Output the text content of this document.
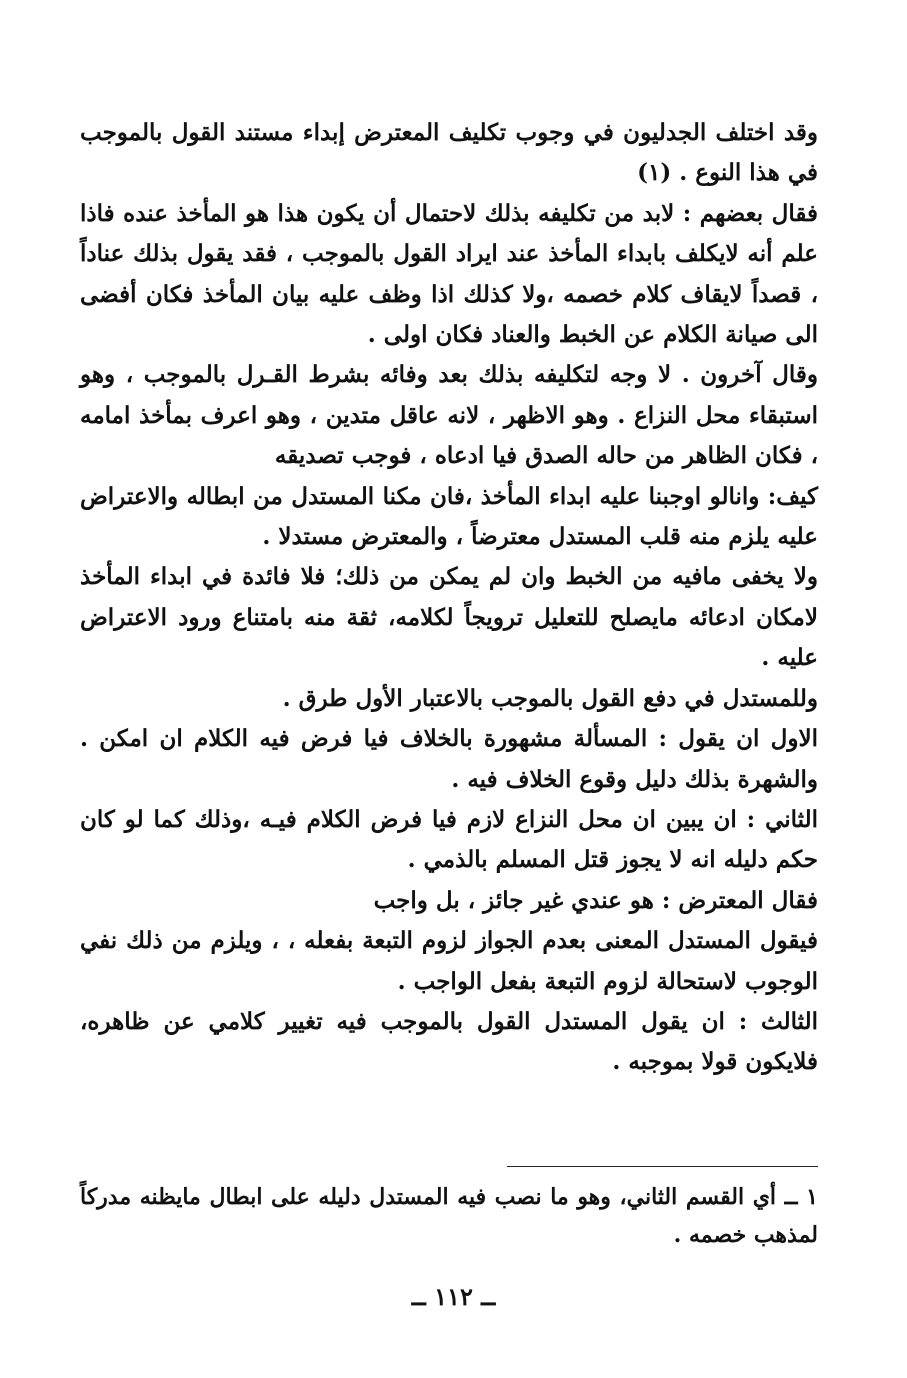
وقد اختلف الجدليون في وجوب تكليف المعترض إبداء مستند القول بالموجب في هذا النوع . (١)

فقال بعضهم : لابد من تكليفه بذلك لاحتمال أن يكون هذا هو المأخذ عنده فاذا علم أنه لايكلف بابداء المأخذ عند ايراد القول بالموجب ، فقد يقول بذلك عناداً ، قصداً لايقاف كلام خصمه ،ولا كذلك اذا وظف عليه بيان المأخذ فكان أفضى الى صيانة الكلام عن الخبط والعناد فكان اولى .

وقال آخرون . لا وجه لتكليفه بذلك بعد وفائه بشرط القـرل بالموجب ، وهو استبقاء محل النزاع . وهو الاظهر ، لانه عاقل متدين ، وهو اعرف بمأخذ امامه ، فكان الظاهر من حاله الصدق فيا ادعاه ، فوجب تصديقه

كيف: وانالو اوجبنا عليه ابداء المأخذ ،فان مكنا المستدل من ابطاله والاعتراض عليه يلزم منه قلب المستدل معترضاً ، والمعترض مستدلا .

ولا يخفى مافيه من الخبط وان لم يمكن من ذلك؛ فلا فائدة في ابداء المأخذ لامكان ادعائه مايصلح للتعليل ترويجاً لكلامه، ثقة منه بامتناع ورود الاعتراض عليه .

وللمستدل في دفع القول بالموجب بالاعتبار الأول طرق .

الاول ان يقول : المسألة مشهورة بالخلاف فيا فرض فيه الكلام ان امكن . والشهرة بذلك دليل وقوع الخلاف فيه .

الثاني : ان يبين ان محل النزاع لازم فيا فرض الكلام فيـه ،وذلك كما لو كان حكم دليله انه لا يجوز قتل المسلم بالذمي .

فقال المعترض : هو عندي غير جائز ، بل واجب

فيقول المستدل المعنى بعدم الجواز لزوم التبعة بفعله ، ، ويلزم من ذلك نفي الوجوب لاستحالة لزوم التبعة بفعل الواجب .

الثالث : ان يقول المستدل القول بالموجب فيه تغيير كلامي عن ظاهره، فلايكون قولا بموجبه .

١ ــ أي القسم الثاني، وهو ما نصب فيه المستدل دليله على ابطال مايظنه مدركاً لمذهب خصمه .

ــ ١١٢ ــ
